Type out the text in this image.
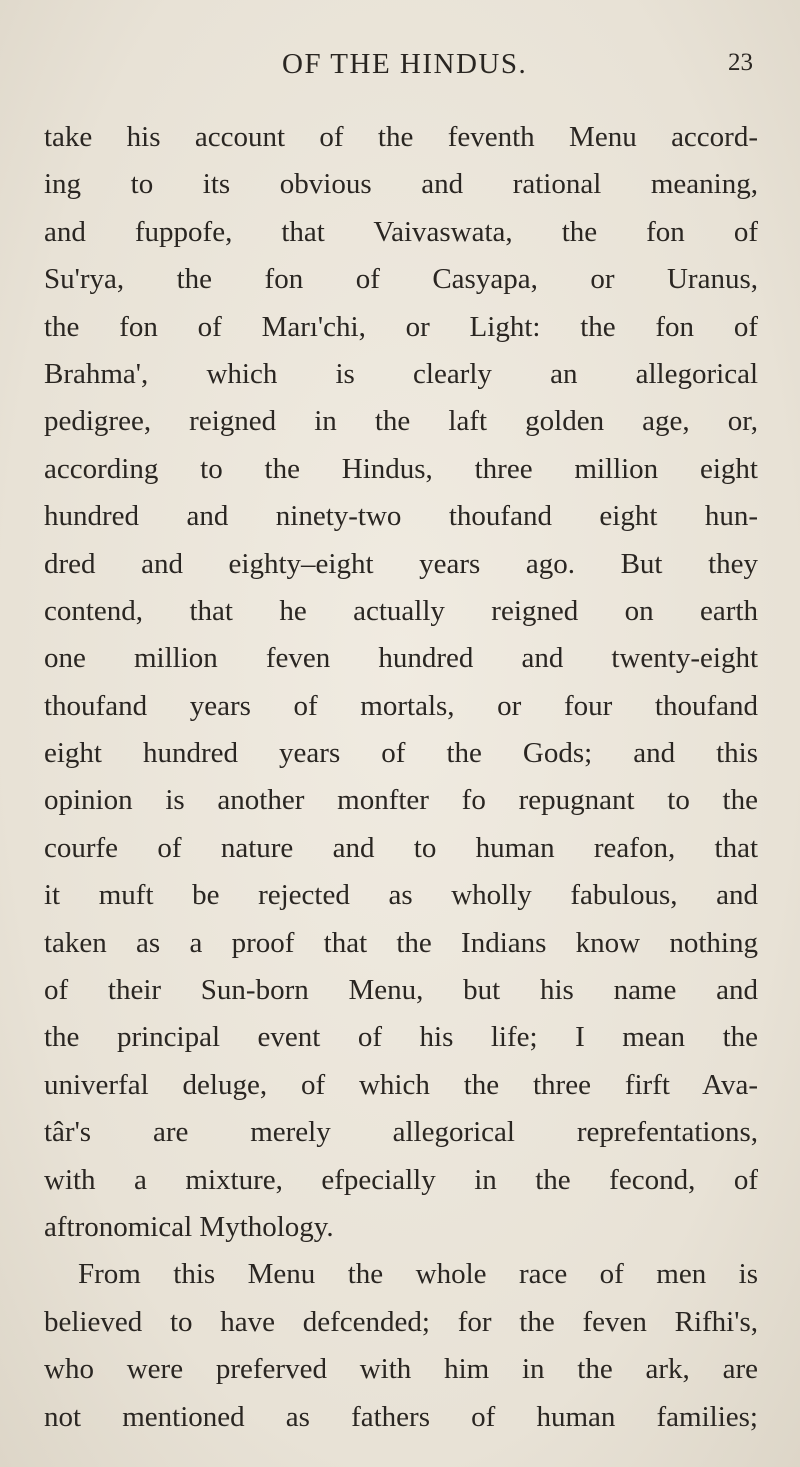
OF THE HINDUS.	23
take his account of the feventh Menu accord-
ing to its obvious and rational meaning,
and fuppofe, that Vaivaswata, the fon of
Su'rya, the fon of Casyapa, or Uranus,
the fon of Marı'chi, or Light: the fon of
Brahma', which is clearly an allegorical
pedigree, reigned in the laft golden age, or,
according to the Hindus, three million eight
hundred and ninety-two thoufand eight hun-
dred and eighty–eight years ago. But they
contend, that he actually reigned on earth
one million feven hundred and twenty-eight
thoufand years of mortals, or four thoufand
eight hundred years of the Gods; and this
opinion is another monfter fo repugnant to the
courfe of nature and to human reafon, that
it muft be rejected as wholly fabulous, and
taken as a proof that the Indians know nothing
of their Sun-born Menu, but his name and
the principal event of his life; I mean the
univerfal deluge, of which the three firft Ava-
târ's are merely allegorical reprefentations,
with a mixture, efpecially in the fecond, of
aftronomical Mythology.
From this Menu the whole race of men is
believed to have defcended; for the feven Rifhi's,
who were preferved with him in the ark, are
not mentioned as fathers of human families;
